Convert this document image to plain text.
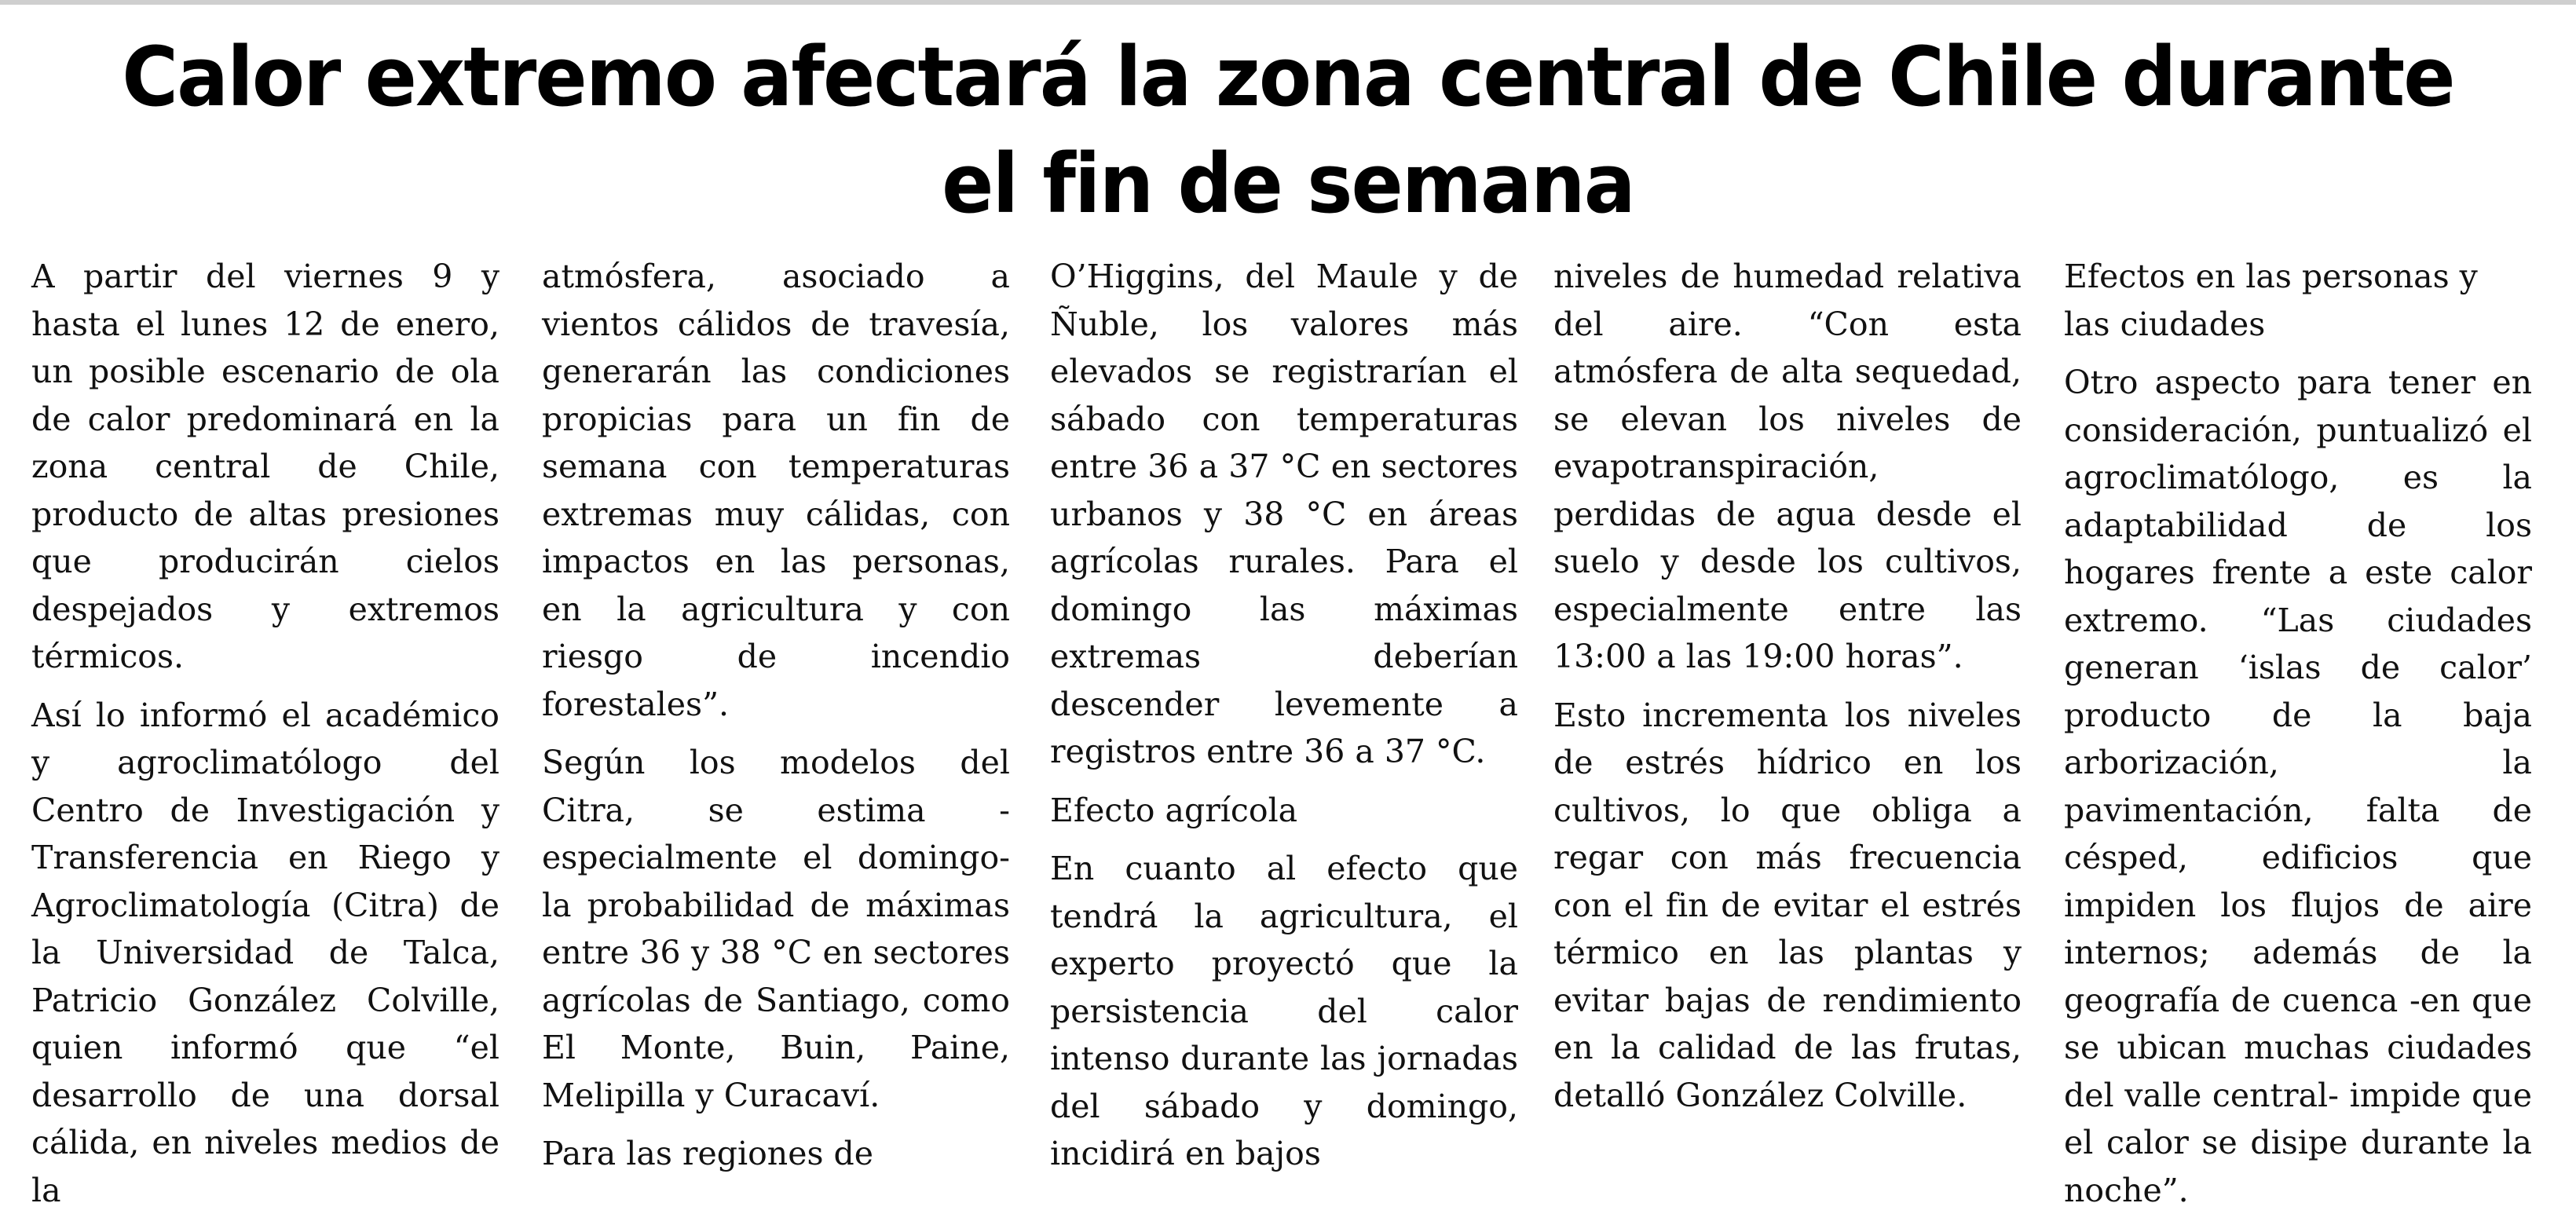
Calor extremo afectará la zona central de Chile durante
el fin de semana

A partir del viernes 9 y hasta el lunes 12 de enero, un posible escenario de ola de calor predominará en la zona central de Chile, producto de altas presiones que producirán cielos despejados y extremos térmicos.

Así lo informó el académico y agroclimatólogo del Centro de Investigación y Transferencia en Riego y Agroclimatología (Citra) de la Universidad de Talca, Patricio González Colville, quien informó que “el desarrollo de una dorsal cálida, en niveles medios de la

atmósfera, asociado a vientos cálidos de travesía, generarán las condiciones propicias para un fin de semana con temperaturas extremas muy cálidas, con impactos en las personas, en la agricultura y con riesgo de incendio forestales”.

Según los modelos del Citra, se estima -especialmente el domingo- la probabilidad de máximas entre 36 y 38 °C en sectores agrícolas de Santiago, como El Monte, Buin, Paine, Melipilla y Curacaví.

Para las regiones de

O’Higgins, del Maule y de Ñuble, los valores más elevados se registrarían el sábado con temperaturas entre 36 a 37 °C en sectores urbanos y 38 °C en áreas agrícolas rurales. Para el domingo las máximas extremas deberían descender levemente a registros entre 36 a 37 °C.

Efecto agrícola

En cuanto al efecto que tendrá la agricultura, el experto proyectó que la persistencia del calor intenso durante las jornadas del sábado y domingo, incidirá en bajos

niveles de humedad relativa del aire. “Con esta atmósfera de alta sequedad, se elevan los niveles de evapotranspiración, perdidas de agua desde el suelo y desde los cultivos, especialmente entre las 13:00 a las 19:00 horas”.

Esto incrementa los niveles de estrés hídrico en los cultivos, lo que obliga a regar con más frecuencia con el fin de evitar el estrés térmico en las plantas y evitar bajas de rendimiento en la calidad de las frutas, detalló González Colville.

Efectos en las personas y las ciudades

Otro aspecto para tener en consideración, puntualizó el agroclimatólogo, es la adaptabilidad de los hogares frente a este calor extremo. “Las ciudades generan ‘islas de calor’ producto de la baja arborización, la pavimentación, falta de césped, edificios que impiden los flujos de aire internos; además de la geografía de cuenca -en que se ubican muchas ciudades del valle central- impide que el calor se disipe durante la noche”.
